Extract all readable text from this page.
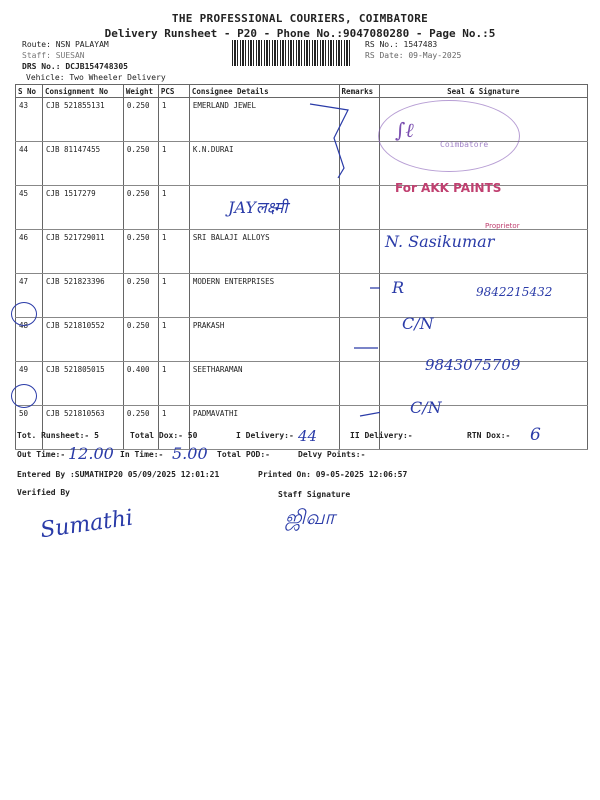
THE PROFESSIONAL COURIERS, COIMBATORE
Delivery Runsheet - P20 - Phone No.:9047080280 - Page No.:5
Route: NSN PALAYAM
Staff: SUESAN
DRS No.: DCJB154748305
Vehicle: Two Wheeler Delivery
RS No.: 1547483
RS Date: 09-May-2025
S No	Consignment No	Weight	PCS	Consignee Details	Remarks	Seal & Signature
43	CJB 521855131	0.250	1	EMERLAND JEWEL		
44	CJB 81147455	0.250	1	K.N.DURAI		
45	CJB 1517279	0.250	1			
46	CJB 521729011	0.250	1	SRI BALAJI ALLOYS		
47	CJB 521823396	0.250	1	MODERN ENTERPRISES		
48	CJB 521810552	0.250	1	PRAKASH		
49	CJB 521805015	0.400	1	SEETHARAMAN		
50	CJB 521810563	0.250	1	PADMAVATHI		
Coimbatore
∫ℓ
For AKK PAINTS
Proprietor
JAYलक्ष्मी
N. Sasikumar
R	9842215432
C/N
9843075709
C/N
Tot. Runsheet:- 5	Total Dox:- 50	I Delivery:- 44	II Delivery:-	RTN Dox:- 6
Out Time:- 12.00 In Time:- 5.00 Total POD:-	Delvy Points:-
Entered By :SUMATHIP20 05/09/2025 12:01:21	Printed On: 09-05-2025 12:06:57
Verified By	Staff Signature
Sumathi	ஜிவா
